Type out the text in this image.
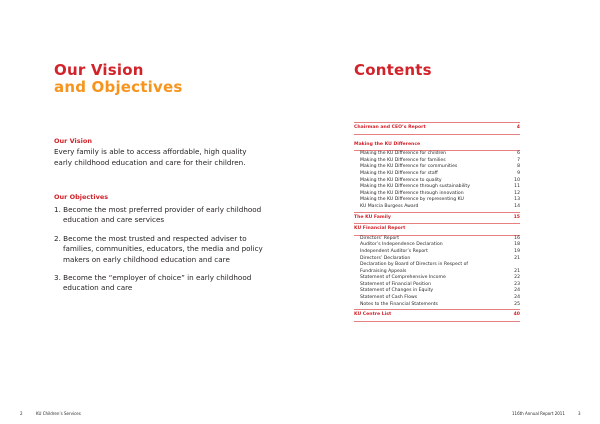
Our Vision
and Objectives
Our Vision

Every family is able to access affordable, high quality early childhood education and care for their children.

Our Objectives
1. Become the most preferred provider of early childhood education and care services
2. Become the most trusted and respected adviser to families, communities, educators, the media and policy makers on early childhood education and care
3. Become the “employer of choice” in early childhood education and care
Contents
Chairman and CEO’s Report	4
Making the KU Difference
Making the KU Difference for children	6
Making the KU Difference for families	7
Making the KU Difference for communities	8
Making the KU Difference for staff	9
Making the KU Difference to quality	10
Making the KU Difference through sustainability	11
Making the KU Difference through innovation	12
Making the KU Difference by representing KU	13
KU Marcia Burgess Award	14
The KU Family	15
KU Financial Report
Directors’ Report	16
Auditor’s Independence Declaration	18
Independent Auditor’s Report	19
Directors’ Declaration	21
Declaration by Board of Directors in Respect of Fundraising Appeals	21
Statement of Comprehensive Income	22
Statement of Financial Position	23
Statement of Changes in Equity	24
Statement of Cash Flows	24
Notes to the Financial Statements	25
KU Centre List	40
2	KU Children’s Services	116th Annual Report 2011	3
